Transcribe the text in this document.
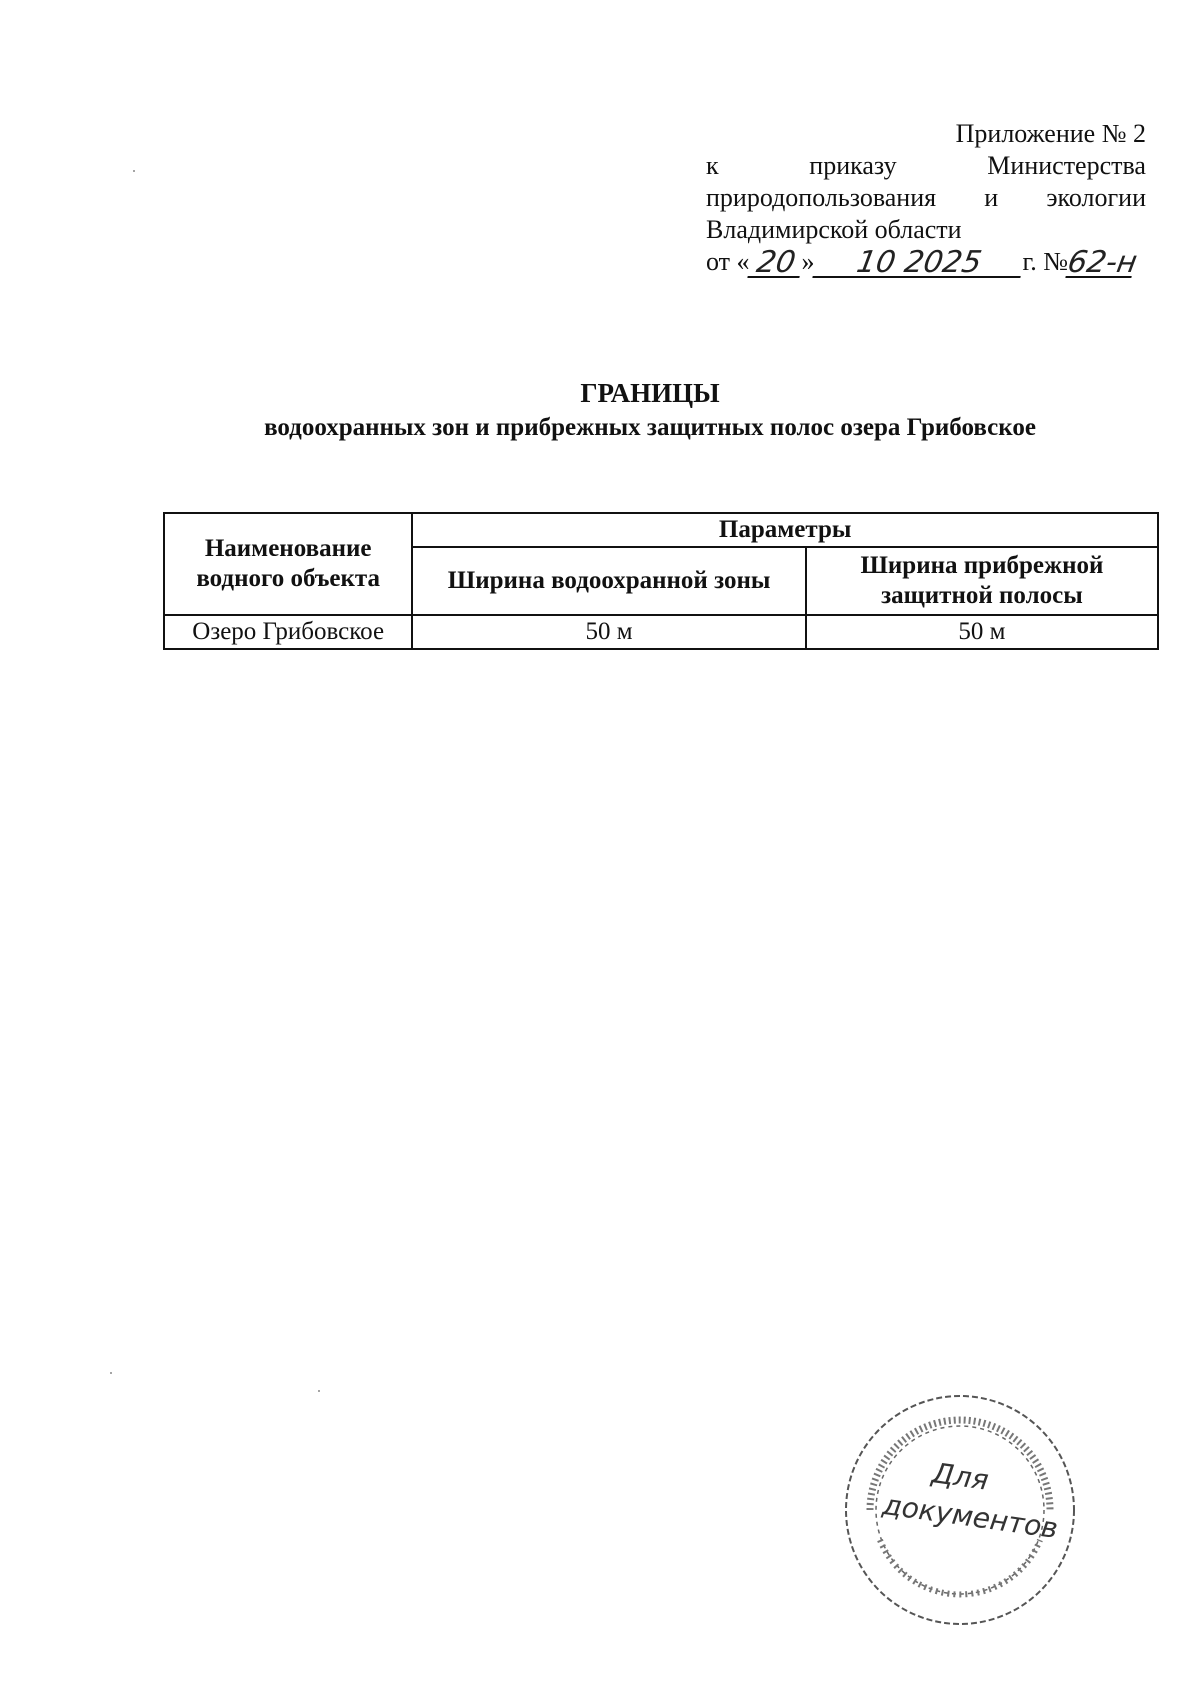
Приложение № 2
к	приказу	Министерства
природопользования и экологии
Владимирской области
от « 20 »	10 2025	г. №
62-н
ГРАНИЦЫ
водоохранных зон и прибрежных защитных полос озера Грибовское
Наименование водного объекта	Параметры	
	Ширина водоохранной зоны	Ширина прибрежной защитной полосы
Озеро Грибовское	50 м	50 м
Для
документов
